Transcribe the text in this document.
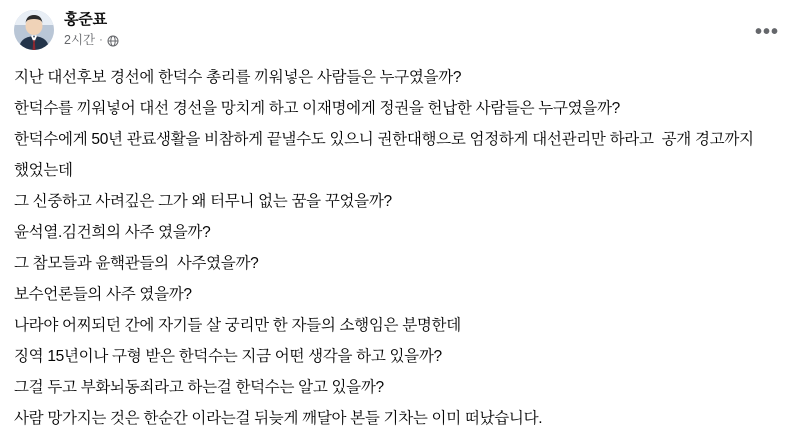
홍준표
2시간 ·	•••

지난 대선후보 경선에 한덕수 총리를 끼워넣은 사람들은 누구였을까?

한덕수를 끼워넣어 대선 경선을 망치게 하고 이재명에게 정권을 헌납한 사람들은 누구였을까?

한덕수에게 50년 관료생활을 비참하게 끝낼수도 있으니 권한대행으로 엄정하게 대선관리만 하라고  공개 경고까지 했었는데

그 신중하고 사려깊은 그가 왜 터무니 없는 꿈을 꾸었을까?

윤석열.김건희의 사주 였을까?

그 참모들과 윤핵관들의  사주였을까?

보수언론들의 사주 였을까?

나라야 어찌되던 간에 자기들 살 궁리만 한 자들의 소행임은 분명한데

징역 15년이나 구형 받은 한덕수는 지금 어떤 생각을 하고 있을까?

그걸 두고 부화뇌동죄라고 하는걸 한덕수는 알고 있을까?

사람 망가지는 것은 한순간 이라는걸 뒤늦게 깨달아 본들 기차는 이미 떠났습니다.
